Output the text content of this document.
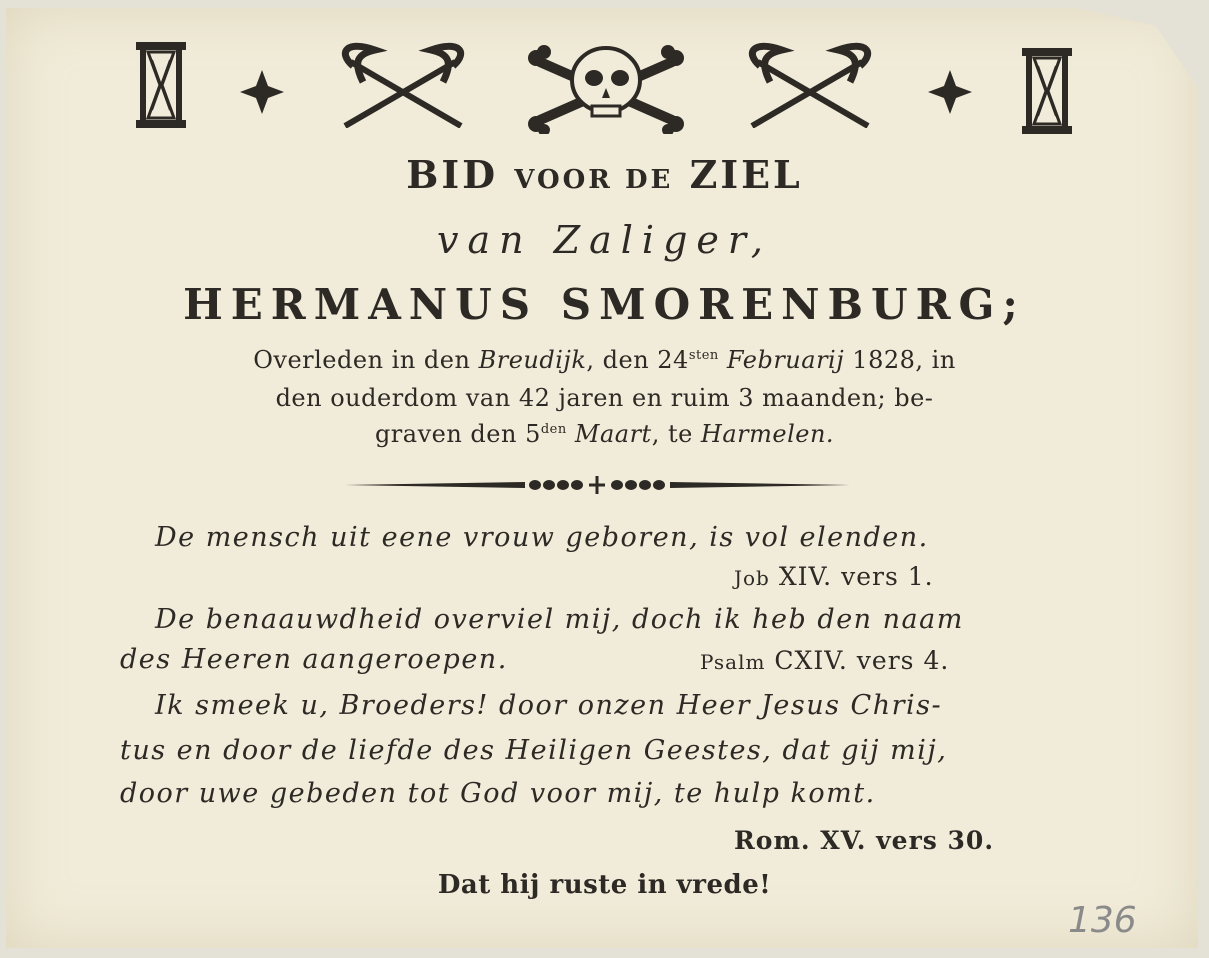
BID VOOR DE ZIEL
van Zaliger,
HERMANUS SMORENBURG;
Overleden in den Breudijk, den $24^{sten}$ Februarij 1828, in
den ouderdom van 42 jaren en ruim 3 maanden; be-
graven den $5^{den}$ Maart, te Harmelen.
De mensch uit eene vrouw geboren, is vol elenden.
Job XIV. vers 1.
De benaauwdheid overviel mij, doch ik heb den naam
des Heeren aangeroepen.	Psalm CXIV. vers 4.
Ik smeek u, Broeders! door onzen Heer Jesus Chris-
tus en door de liefde des Heiligen Geestes, dat gij mij,
door uwe gebeden tot God voor mij, te hulp komt.
Rom. XV. vers 30.
Dat hij ruste in vrede!
136
